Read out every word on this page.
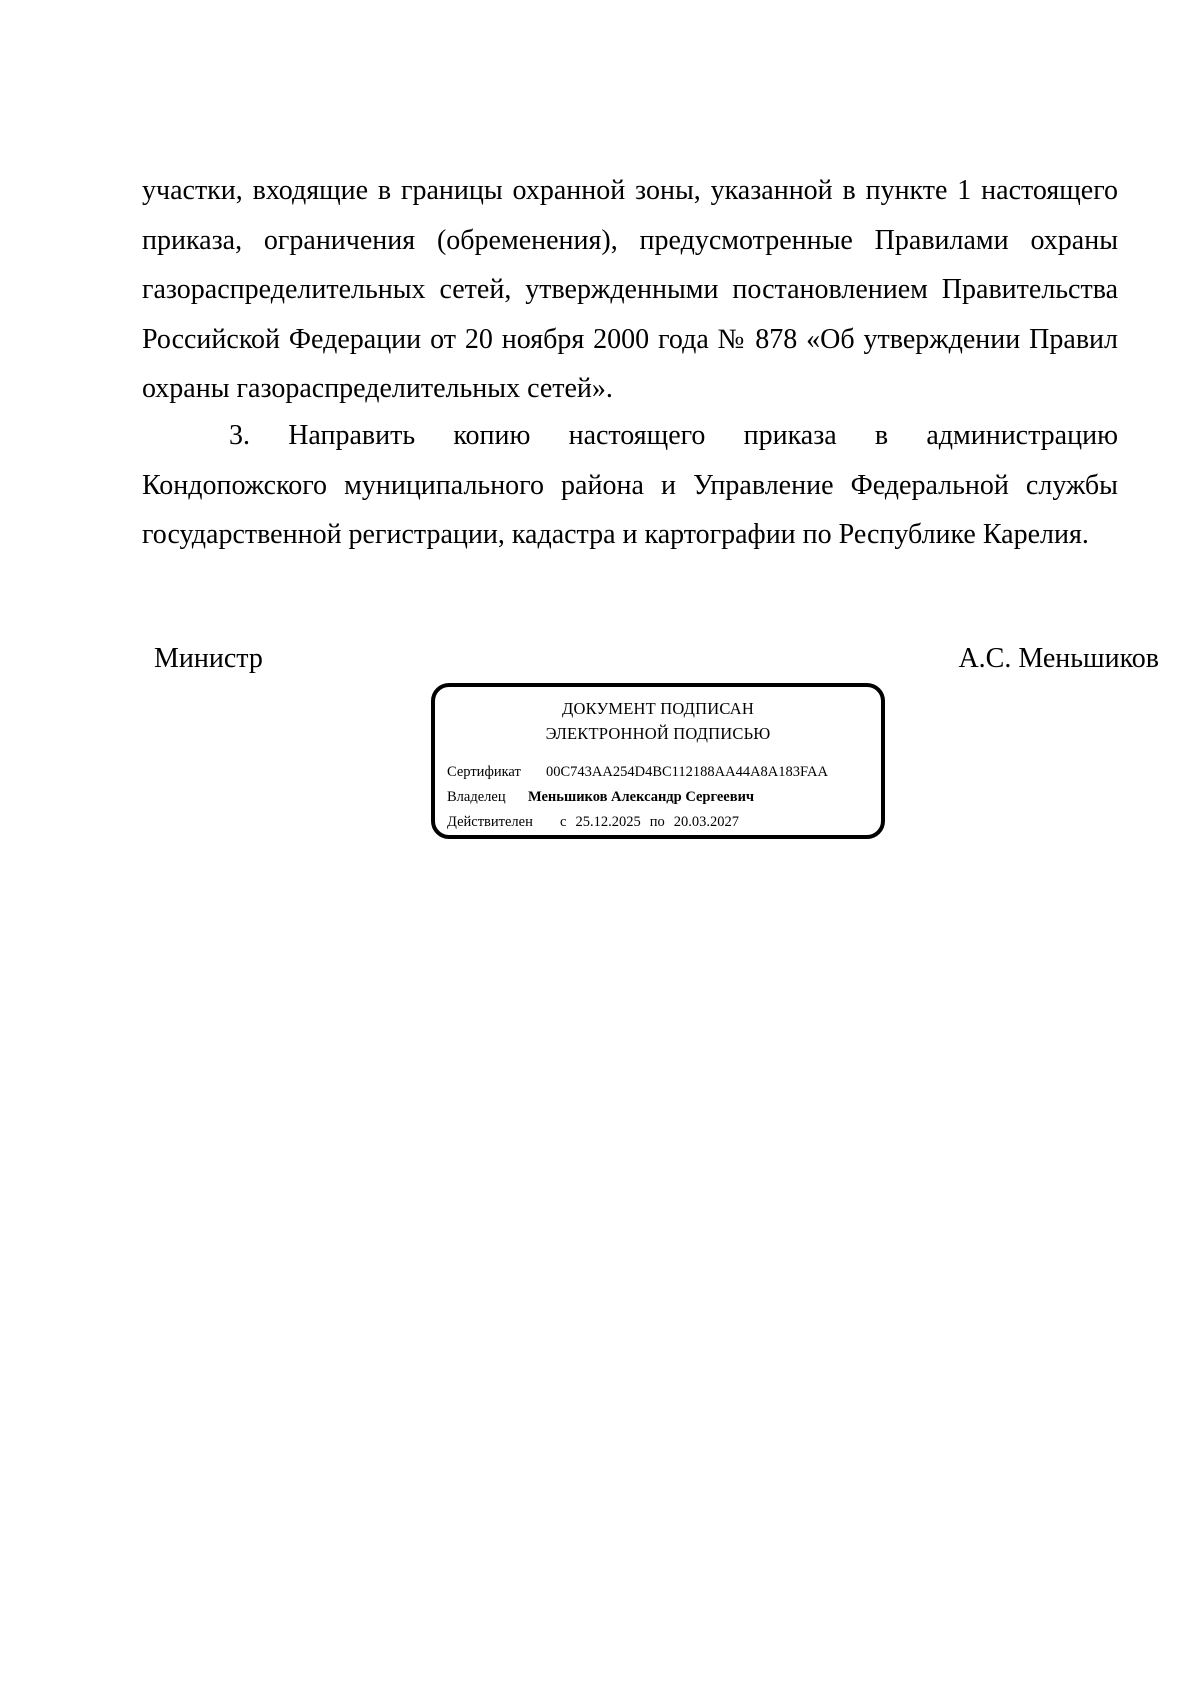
участки, входящие в границы охранной зоны, указанной в пункте 1 настоящего приказа, ограничения (обременения), предусмотренные Правилами охраны газораспределительных сетей, утвержденными постановлением Правительства Российской Федерации от 20 ноября 2000 года № 878 «Об утверждении Правил охраны газораспределительных сетей».

3. Направить копию настоящего приказа в администрацию Кондопожского муниципального района и Управление Федеральной службы государственной регистрации, кадастра и картографии по Республике Карелия.

Министр	А.С. Меньшиков
ДОКУМЕНТ ПОДПИСАН
ЭЛЕКТРОННОЙ ПОДПИСЬЮ
Сертификат 00C743AA254D4BC112188AA44A8A183FAA
Владелец Меньшиков Александр Сергеевич
Действителен с 25.12.2025 по 20.03.2027
